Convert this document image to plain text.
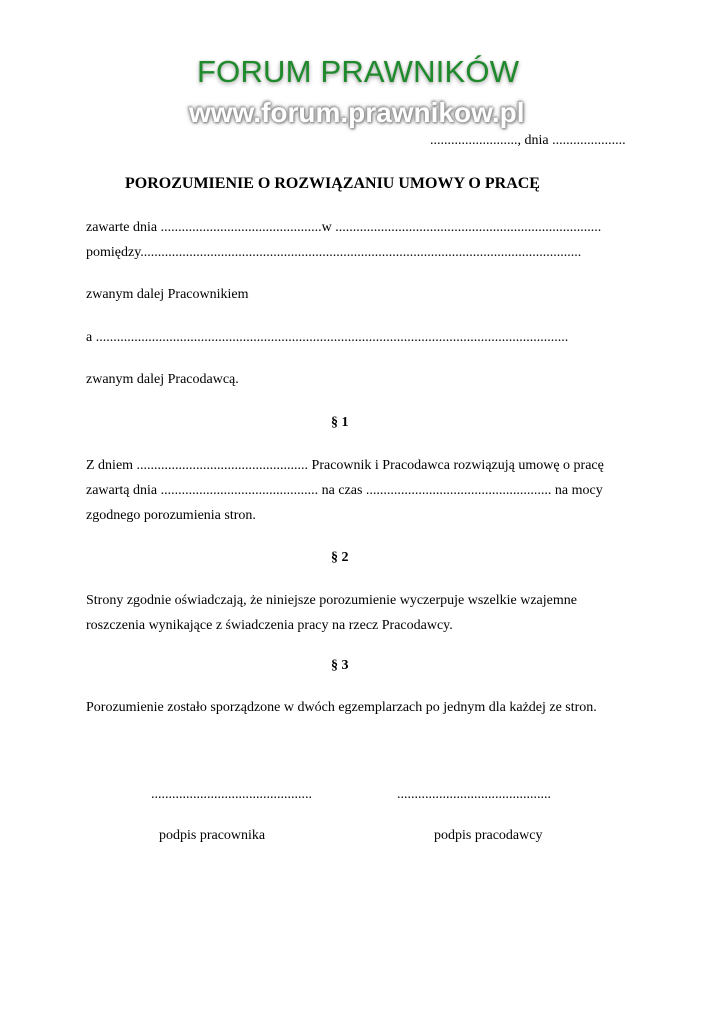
FORUM PRAWNIKÓW
www.forum.prawnikow.pl
........................., dnia .....................
POROZUMIENIE O ROZWIĄZANIU UMOWY O PRACĘ
zawarte dnia ..............................................w ............................................................................
pomiędzy..............................................................................................................................
zwanym dalej Pracownikiem
a .......................................................................................................................................
zwanym dalej Pracodawcą.
§ 1
Z dniem ................................................. Pracownik i Pracodawca rozwiązują umowę o pracę
zawartą dnia ............................................. na czas ..................................................... na mocy
zgodnego porozumienia stron.
§ 2
Strony zgodnie oświadczają, że niniejsze porozumienie wyczerpuje wszelkie wzajemne
roszczenia wynikające z świadczenia pracy na rzecz Pracodawcy.
§ 3
Porozumienie zostało sporządzone w dwóch egzemplarzach po jednym dla każdej ze stron.
..............................................	............................................
podpis pracownika	podpis pracodawcy
